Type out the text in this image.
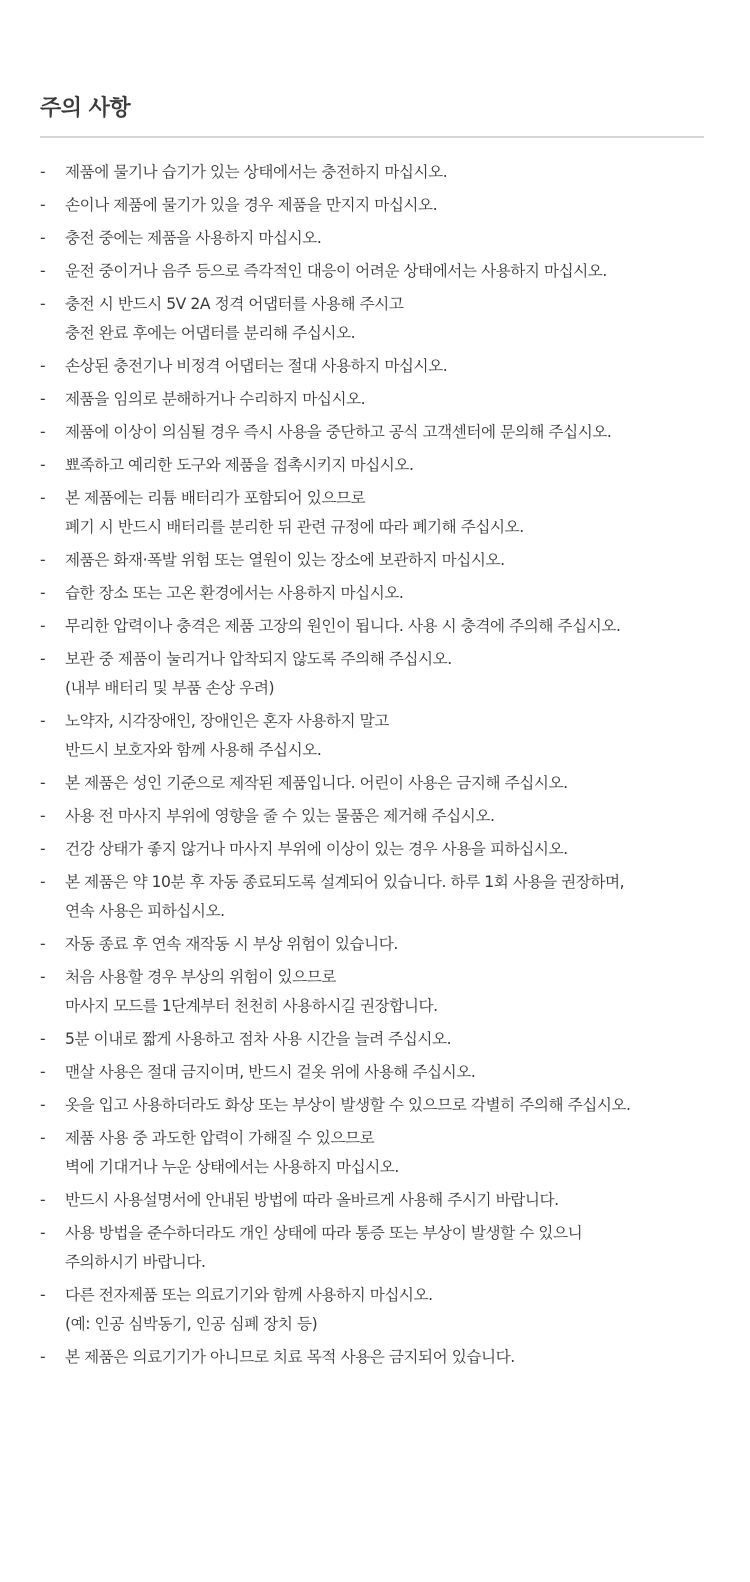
주의 사항
- 제품에 물기나 습기가 있는 상태에서는 충전하지 마십시오.
- 손이나 제품에 물기가 있을 경우 제품을 만지지 마십시오.
- 충전 중에는 제품을 사용하지 마십시오.
- 운전 중이거나 음주 등으로 즉각적인 대응이 어려운 상태에서는 사용하지 마십시오.
- 충전 시 반드시 5V 2A 정격 어댑터를 사용해 주시고
충전 완료 후에는 어댑터를 분리해 주십시오.
- 손상된 충전기나 비정격 어댑터는 절대 사용하지 마십시오.
- 제품을 임의로 분해하거나 수리하지 마십시오.
- 제품에 이상이 의심될 경우 즉시 사용을 중단하고 공식 고객센터에 문의해 주십시오.
- 뾰족하고 예리한 도구와 제품을 접촉시키지 마십시오.
- 본 제품에는 리튬 배터리가 포함되어 있으므로
폐기 시 반드시 배터리를 분리한 뒤 관련 규정에 따라 폐기해 주십시오.
- 제품은 화재·폭발 위험 또는 열원이 있는 장소에 보관하지 마십시오.
- 습한 장소 또는 고온 환경에서는 사용하지 마십시오.
- 무리한 압력이나 충격은 제품 고장의 원인이 됩니다. 사용 시 충격에 주의해 주십시오.
- 보관 중 제품이 눌리거나 압착되지 않도록 주의해 주십시오.
(내부 배터리 및 부품 손상 우려)
- 노약자, 시각장애인, 장애인은 혼자 사용하지 말고
반드시 보호자와 함께 사용해 주십시오.
- 본 제품은 성인 기준으로 제작된 제품입니다. 어린이 사용은 금지해 주십시오.
- 사용 전 마사지 부위에 영향을 줄 수 있는 물품은 제거해 주십시오.
- 건강 상태가 좋지 않거나 마사지 부위에 이상이 있는 경우 사용을 피하십시오.
- 본 제품은 약 10분 후 자동 종료되도록 설계되어 있습니다. 하루 1회 사용을 권장하며,
연속 사용은 피하십시오.
- 자동 종료 후 연속 재작동 시 부상 위험이 있습니다.
- 처음 사용할 경우 부상의 위험이 있으므로
마사지 모드를 1단계부터 천천히 사용하시길 권장합니다.
- 5분 이내로 짧게 사용하고 점차 사용 시간을 늘려 주십시오.
- 맨살 사용은 절대 금지이며, 반드시 겉옷 위에 사용해 주십시오.
- 옷을 입고 사용하더라도 화상 또는 부상이 발생할 수 있으므로 각별히 주의해 주십시오.
- 제품 사용 중 과도한 압력이 가해질 수 있으므로
벽에 기대거나 누운 상태에서는 사용하지 마십시오.
- 반드시 사용설명서에 안내된 방법에 따라 올바르게 사용해 주시기 바랍니다.
- 사용 방법을 준수하더라도 개인 상태에 따라 통증 또는 부상이 발생할 수 있으니
주의하시기 바랍니다.
- 다른 전자제품 또는 의료기기와 함께 사용하지 마십시오.
(예: 인공 심박동기, 인공 심폐 장치 등)
- 본 제품은 의료기기가 아니므로 치료 목적 사용은 금지되어 있습니다.
